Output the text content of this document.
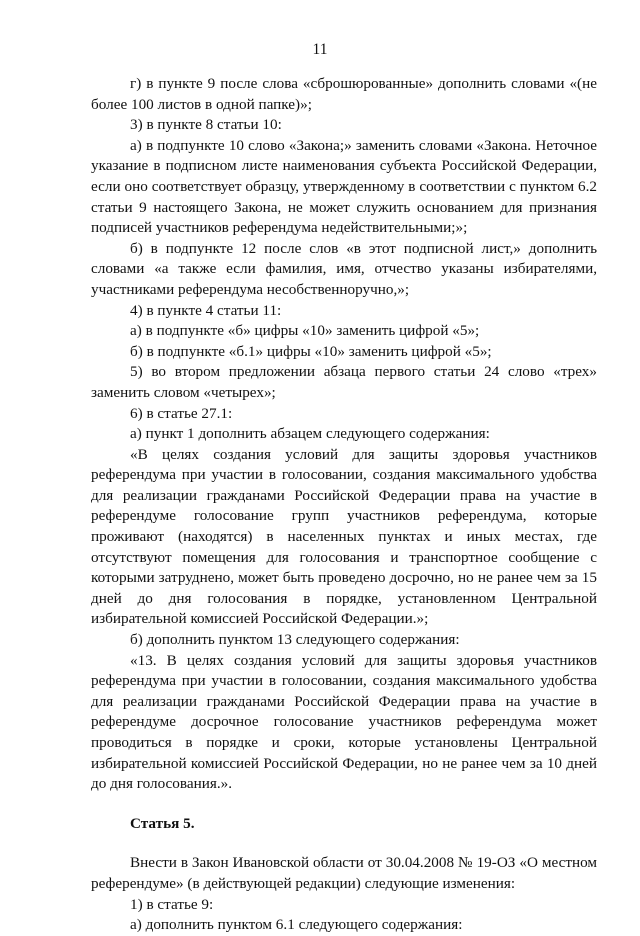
11

г) в пункте 9 после слова «сброшюрованные» дополнить словами «(не более 100 листов в одной папке)»;

3) в пункте 8 статьи 10:

а) в подпункте 10 слово «Закона;» заменить словами «Закона. Неточное указание в подписном листе наименования субъекта Российской Федерации, если оно соответствует образцу, утвержденному в соответствии с пунктом 6.2 статьи 9 настоящего Закона, не может служить основанием для признания подписей участников референдума недействительными;»;

б) в подпункте 12 после слов «в этот подписной лист,» дополнить словами «а также если фамилия, имя, отчество указаны избирателями, участниками референдума несобственноручно,»;

4) в пункте 4 статьи 11:

а) в подпункте «б» цифры «10» заменить цифрой «5»;

б) в подпункте «б.1» цифры «10» заменить цифрой «5»;

5) во втором предложении абзаца первого статьи 24 слово «трех» заменить словом «четырех»;

6) в статье 27.1:

а) пункт 1 дополнить абзацем следующего содержания:

«В целях создания условий для защиты здоровья участников референдума при участии в голосовании, создания максимального удобства для реализации гражданами Российской Федерации права на участие в референдуме голосование групп участников референдума, которые проживают (находятся) в населенных пунктах и иных местах, где отсутствуют помещения для голосования и транспортное сообщение с которыми затруднено, может быть проведено досрочно, но не ранее чем за 15 дней до дня голосования в порядке, установленном Центральной избирательной комиссией Российской Федерации.»;

б) дополнить пунктом 13 следующего содержания:

«13. В целях создания условий для защиты здоровья участников референдума при участии в голосовании, создания максимального удобства для реализации гражданами Российской Федерации права на участие в референдуме досрочное голосование участников референдума может проводиться в порядке и сроки, которые установлены Центральной избирательной комиссией Российской Федерации, но не ранее чем за 10 дней до дня голосования.».

Статья 5.

Внести в Закон Ивановской области от 30.04.2008 № 19-ОЗ «О местном референдуме» (в действующей редакции) следующие изменения:

1) в статье 9:

а) дополнить пунктом 6.1 следующего содержания:
